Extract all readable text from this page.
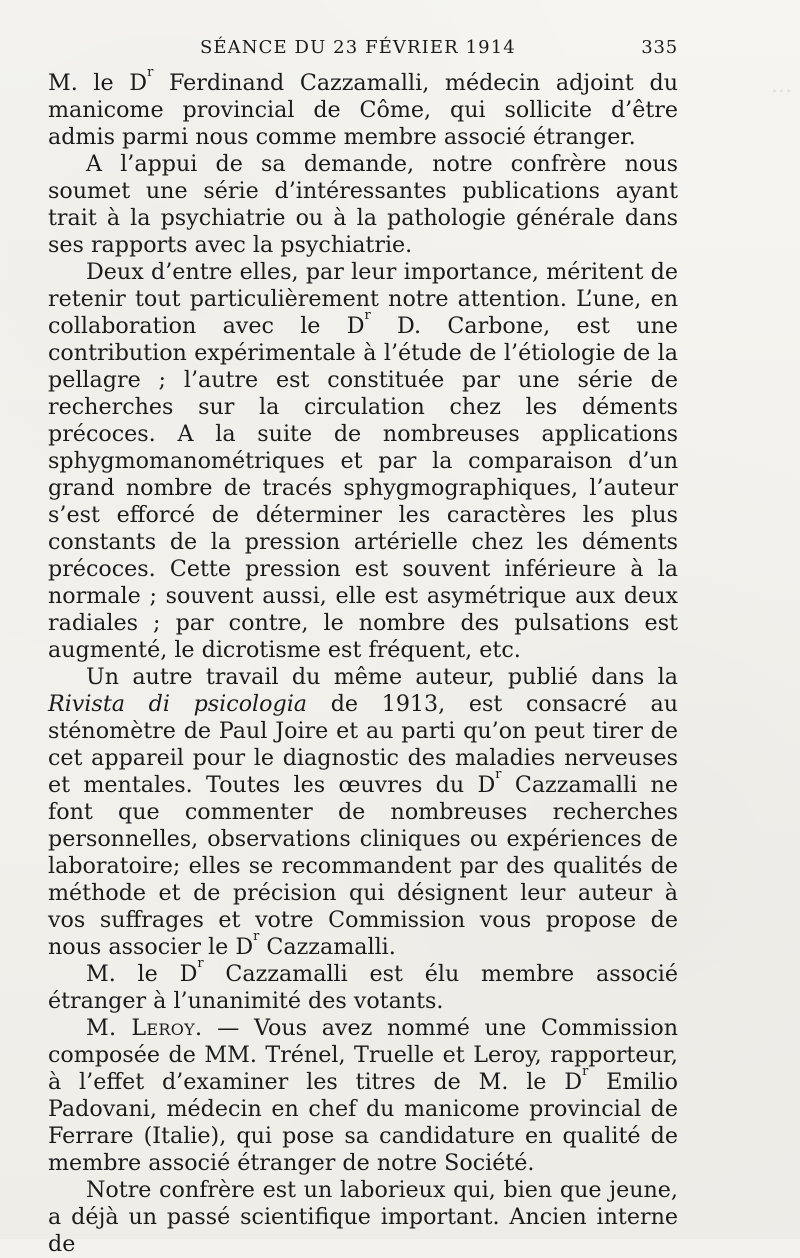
...
SÉANCE DU 23 FÉVRIER 1914	335

M. le $D^r$ Ferdinand Cazzamalli, médecin adjoint du manicome provincial de Côme, qui sollicite d’être admis parmi nous comme membre associé étranger.

A l’appui de sa demande, notre confrère nous soumet une série d’intéressantes publications ayant trait à la psychiatrie ou à la pathologie générale dans ses rapports avec la psychiatrie.

Deux d’entre elles, par leur importance, méritent de retenir tout particulièrement notre attention. L’une, en collaboration avec le $D^r$ D. Carbone, est une contribution expérimentale à l’étude de l’étiologie de la pellagre ; l’autre est constituée par une série de recherches sur la circulation chez les déments précoces. A la suite de nombreuses applications sphygmomanométriques et par la comparaison d’un grand nombre de tracés sphygmographiques, l’auteur s’est efforcé de déterminer les caractères les plus constants de la pression artérielle chez les déments précoces. Cette pression est souvent inférieure à la normale ; souvent aussi, elle est asymétrique aux deux radiales ; par contre, le nombre des pulsations est augmenté, le dicrotisme est fréquent, etc.

Un autre travail du même auteur, publié dans la Rivista di psicologia de 1913, est consacré au sténomètre de Paul Joire et au parti qu’on peut tirer de cet appareil pour le diagnostic des maladies nerveuses et mentales. Toutes les œuvres du $D^r$ Cazzamalli ne font que commenter de nombreuses recherches personnelles, observations cliniques ou expériences de laboratoire; elles se recommandent par des qualités de méthode et de précision qui désignent leur auteur à vos suffrages et votre Commission vous propose de nous associer le $D^r$ Cazzamalli.

M. le $D^r$ Cazzamalli est élu membre associé étranger à l’unanimité des votants.

M. Leroy. — Vous avez nommé une Commission composée de MM. Trénel, Truelle et Leroy, rapporteur, à l’effet d’examiner les titres de M. le $D^r$ Emilio Padovani, médecin en chef du manicome provincial de Ferrare (Italie), qui pose sa candidature en qualité de membre associé étranger de notre Société.

Notre confrère est un laborieux qui, bien que jeune, a déjà un passé scientifique important. Ancien interne de
